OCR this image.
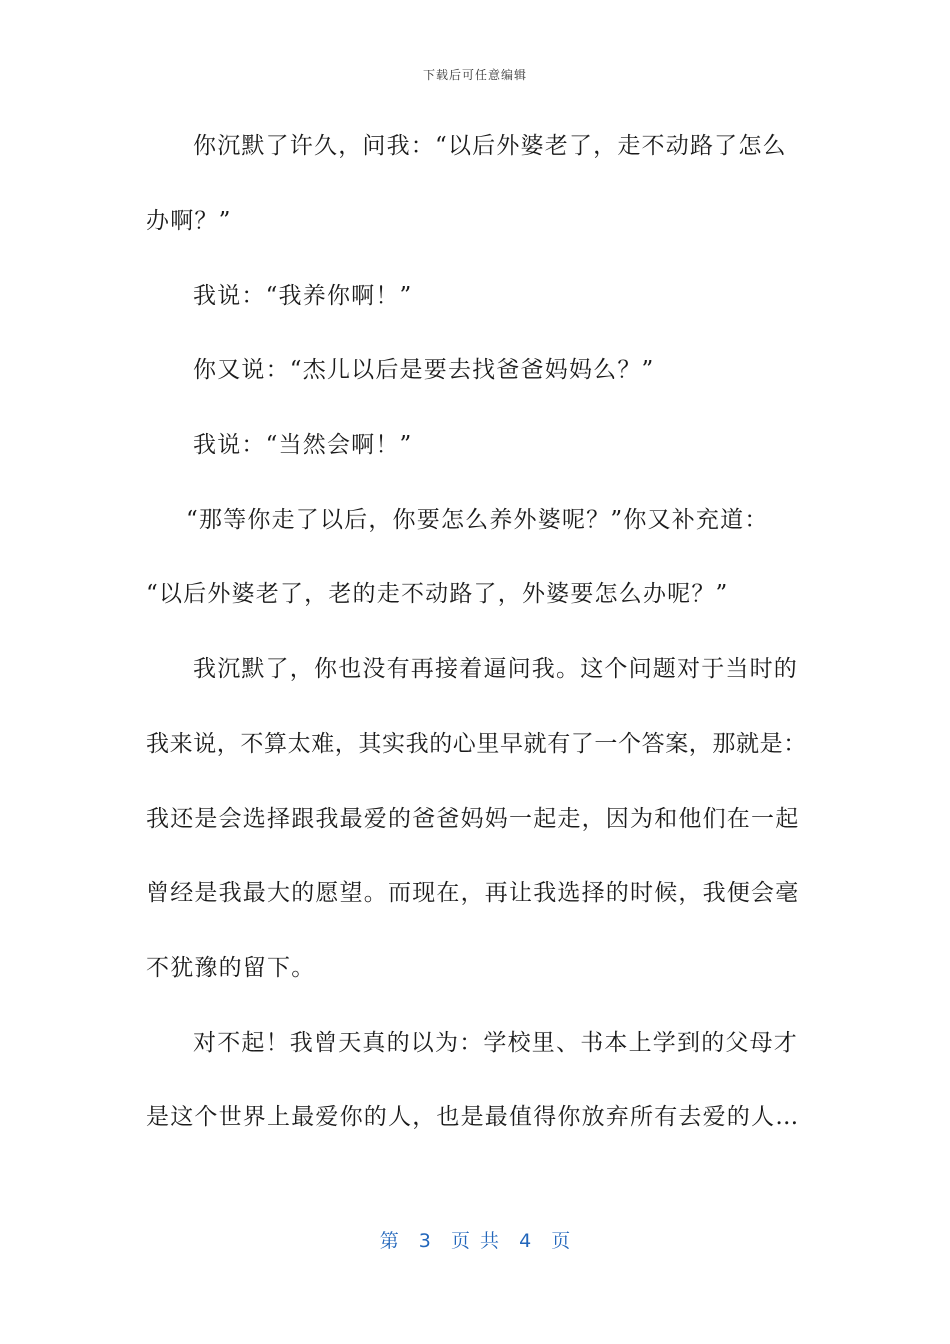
下载后可任意编辑
你沉默了许久，问我：“以后外婆老了，走不动路了怎么
办啊？”
我说：“我养你啊！”
你又说：“杰儿以后是要去找爸爸妈妈么？”
我说：“当然会啊！”
“那等你走了以后，你要怎么养外婆呢？”你又补充道：
“以后外婆老了，老的走不动路了，外婆要怎么办呢？”
我沉默了，你也没有再接着逼问我。这个问题对于当时的
我来说，不算太难，其实我的心里早就有了一个答案，那就是：
我还是会选择跟我最爱的爸爸妈妈一起走，因为和他们在一起
曾经是我最大的愿望。而现在，再让我选择的时候，我便会毫
不犹豫的留下。
对不起！我曾天真的以为：学校里、书本上学到的父母才
是这个世界上最爱你的人，也是最值得你放弃所有去爱的人…
第  3  页 共  4  页
